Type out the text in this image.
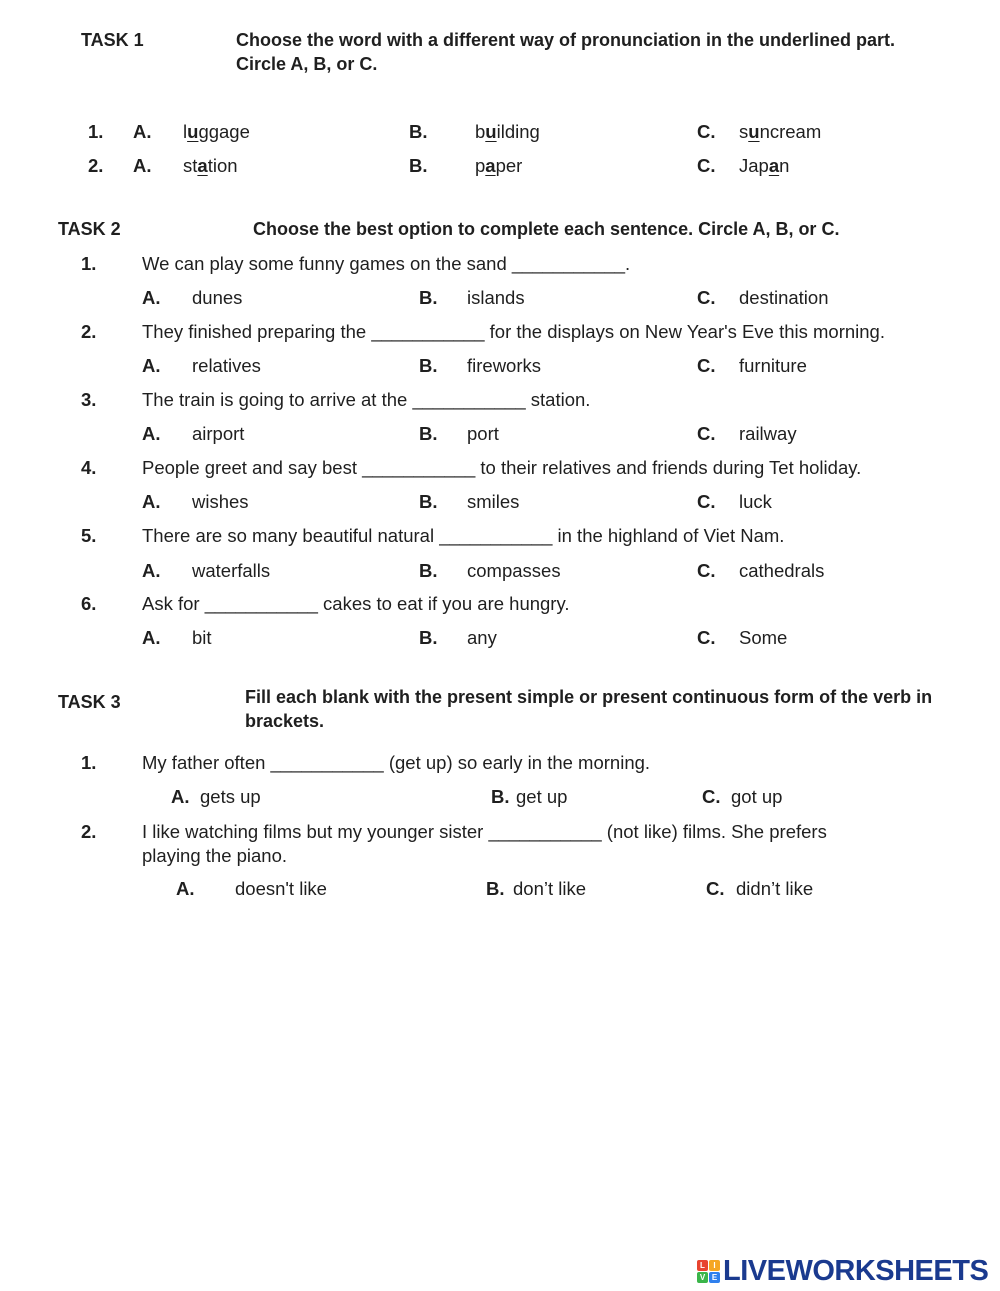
TASK 1	Choose the word with a different way of pronunciation in the underlined part. Circle A, B, or C.
1. A. luggage	B.	building	C. suncream
2. A. station	B.	paper	C. Japan
TASK 2	Choose the best option to complete each sentence. Circle A, B, or C.
1. We can play some funny games on the sand ___________.
A. dunes	B. islands	C. destination
2. They finished preparing the ___________ for the displays on New Year's Eve this morning.
A. relatives	B. fireworks	C. furniture
3. The train is going to arrive at the ___________ station.
A. airport	B. port	C. railway
4. People greet and say best ___________ to their relatives and friends during Tet holiday.
A. wishes	B. smiles	C. luck
5. There are so many beautiful natural ___________ in the highland of Viet Nam.
A. waterfalls	B. compasses	C. cathedrals
6. Ask for ___________ cakes to eat if you are hungry.
A. bit	B. any	C. Some
TASK 3	Fill each blank with the present simple or present continuous form of the verb in brackets.
1. My father often ___________ (get up) so early in the morning.
A. gets up	B. get up	C. got up
2. I like watching films but my younger sister ___________ (not like) films. She prefers
playing the piano.
A. doesn't like	B. don’t like	C. didn’t like
L	I
V E LIVEWORKSHEETS
